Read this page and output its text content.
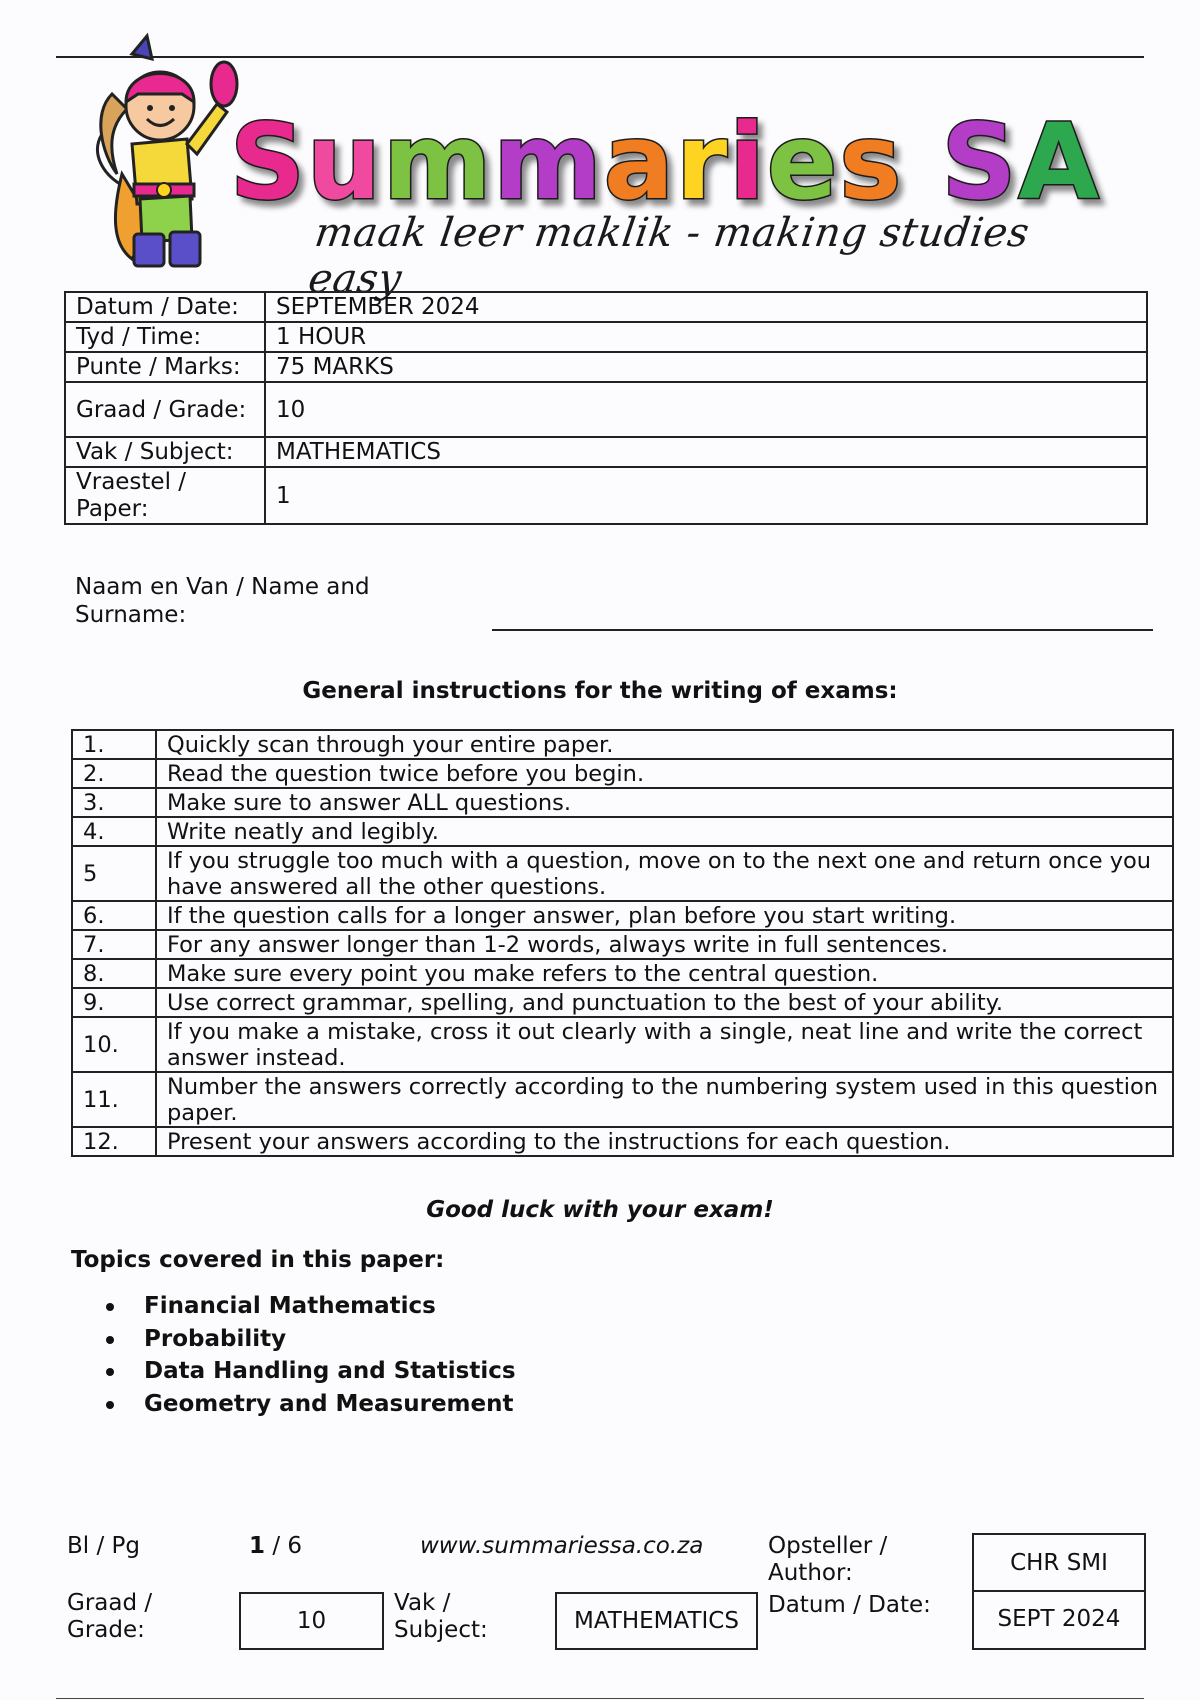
Summaries SA
maak leer maklik - making studies easy
Datum / Date:	SEPTEMBER 2024
Tyd / Time:	1 HOUR
Punte / Marks:	75 MARKS
Graad / Grade:	10
Vak / Subject:	MATHEMATICS
Vraestel / Paper:	1
Naam en Van / Name and Surname:
General instructions for the writing of exams:
1.	Quickly scan through your entire paper.
2.	Read the question twice before you begin.
3.	Make sure to answer ALL questions.
4.	Write neatly and legibly.
5	If you struggle too much with a question, move on to the next one and return once you have answered all the other questions.
6.	If the question calls for a longer answer, plan before you start writing.
7.	For any answer longer than 1-2 words, always write in full sentences.
8.	Make sure every point you make refers to the central question.
9.	Use correct grammar, spelling, and punctuation to the best of your ability.
10.	If you make a mistake, cross it out clearly with a single, neat line and write the correct answer instead.
11.	Number the answers correctly according to the numbering system used in this question paper.
12.	Present your answers according to the instructions for each question.
Good luck with your exam!
Topics covered in this paper:
Financial Mathematics
Probability
Data Handling and Statistics
Geometry and Measurement
Bl / Pg	1 / 6	www.summariessa.co.za	Opsteller / Author:	CHR SMI
Graad / Grade:	10
Vak / Subject:	MATHEMATICS
Datum / Date:
SEPT 2024
